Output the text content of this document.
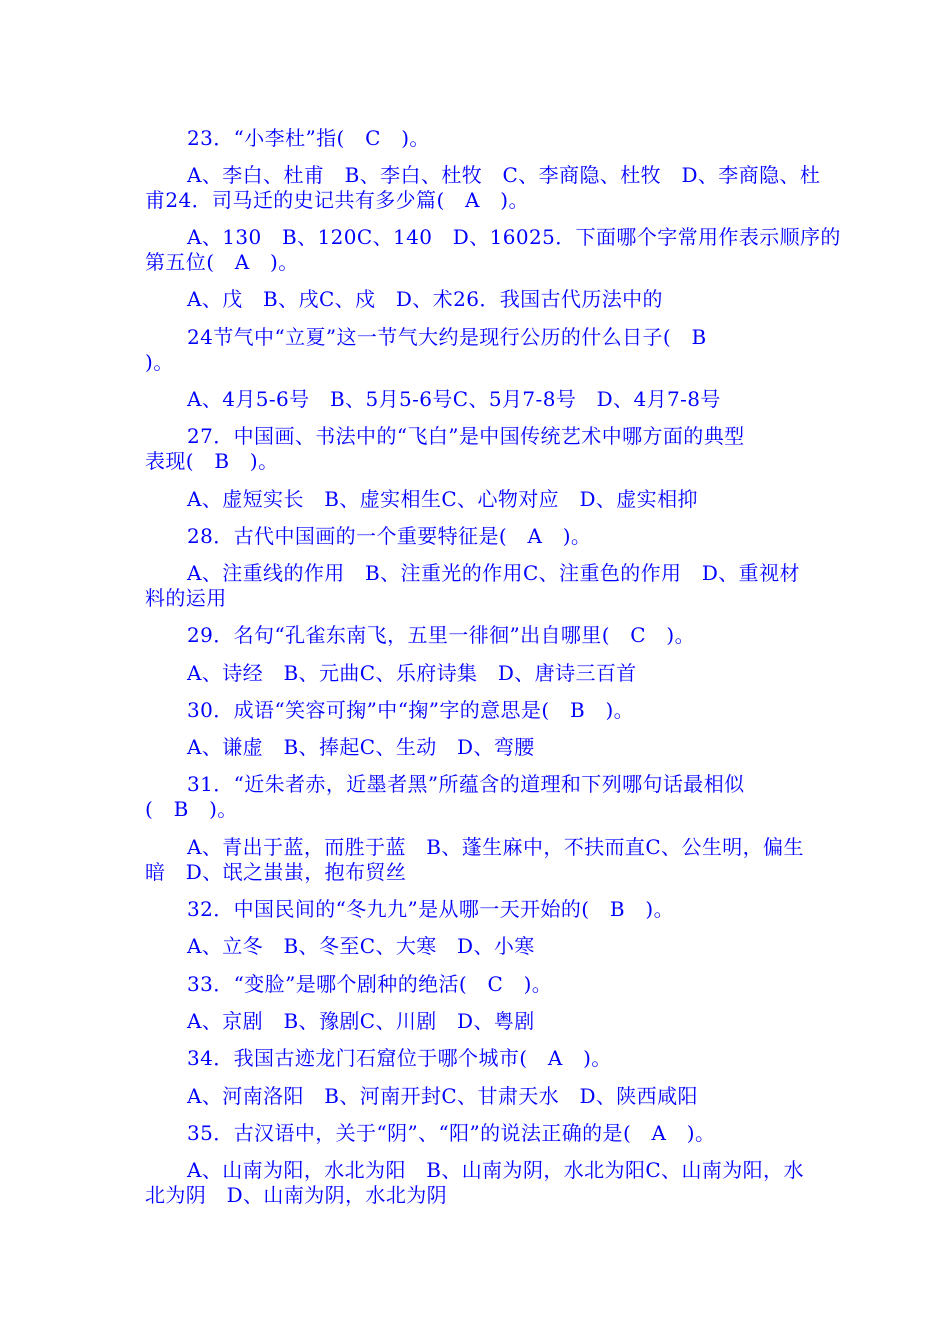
23．“小李杜”指(　C　)。

A、李白、杜甫　B、李白、杜牧　C、李商隐、杜牧　D、李商隐、杜

甫24．司马迁的史记共有多少篇(　A　)。

A、130　B、120C、140　D、16025．下面哪个字常用作表示顺序的

第五位(　A　)。

A、戊　B、戌C、戍　D、术26．我国古代历法中的

24节气中“立夏”这一节气大约是现行公历的什么日子(　B

)。

A、4月5-6号　B、5月5-6号C、5月7-8号　D、4月7-8号

27．中国画、书法中的“飞白”是中国传统艺术中哪方面的典型

表现(　B　)。

A、虚短实长　B、虚实相生C、心物对应　D、虚实相抑

28．古代中国画的一个重要特征是(　A　)。

A、注重线的作用　B、注重光的作用C、注重色的作用　D、重视材

料的运用

29．名句“孔雀东南飞，五里一徘徊”出自哪里(　C　)。

A、诗经　B、元曲C、乐府诗集　D、唐诗三百首

30．成语“笑容可掬”中“掬”字的意思是(　B　)。

A、谦虚　B、捧起C、生动　D、弯腰

31．“近朱者赤，近墨者黑”所蕴含的道理和下列哪句话最相似

(　B　)。

A、青出于蓝，而胜于蓝　B、蓬生麻中，不扶而直C、公生明，偏生

暗　D、氓之蚩蚩，抱布贸丝

32．中国民间的“冬九九”是从哪一天开始的(　B　)。

A、立冬　B、冬至C、大寒　D、小寒

33．“变脸”是哪个剧种的绝活(　C　)。

A、京剧　B、豫剧C、川剧　D、粤剧

34．我国古迹龙门石窟位于哪个城市(　A　)。

A、河南洛阳　B、河南开封C、甘肃天水　D、陕西咸阳

35．古汉语中，关于“阴”、“阳”的说法正确的是(　A　)。

A、山南为阳，水北为阳　B、山南为阴，水北为阳C、山南为阳，水

北为阴　D、山南为阴，水北为阴
